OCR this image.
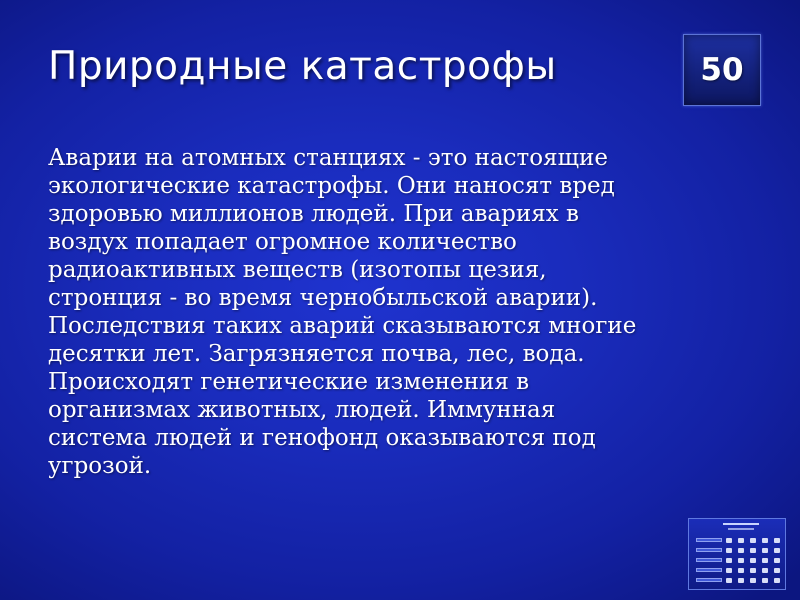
Природные катастрофы	50

Аварии на атомных станциях - это настоящие
экологические катастрофы. Они наносят вред
здоровью миллионов людей. При авариях в
воздух попадает огромное количество
радиоактивных веществ (изотопы цезия,
стронция - во время чернобыльской аварии).
Последствия таких аварий сказываются многие
десятки лет. Загрязняется почва, лес, вода.
Происходят генетические изменения в
организмах животных, людей. Иммунная
система людей и генофонд оказываются под
угрозой.
